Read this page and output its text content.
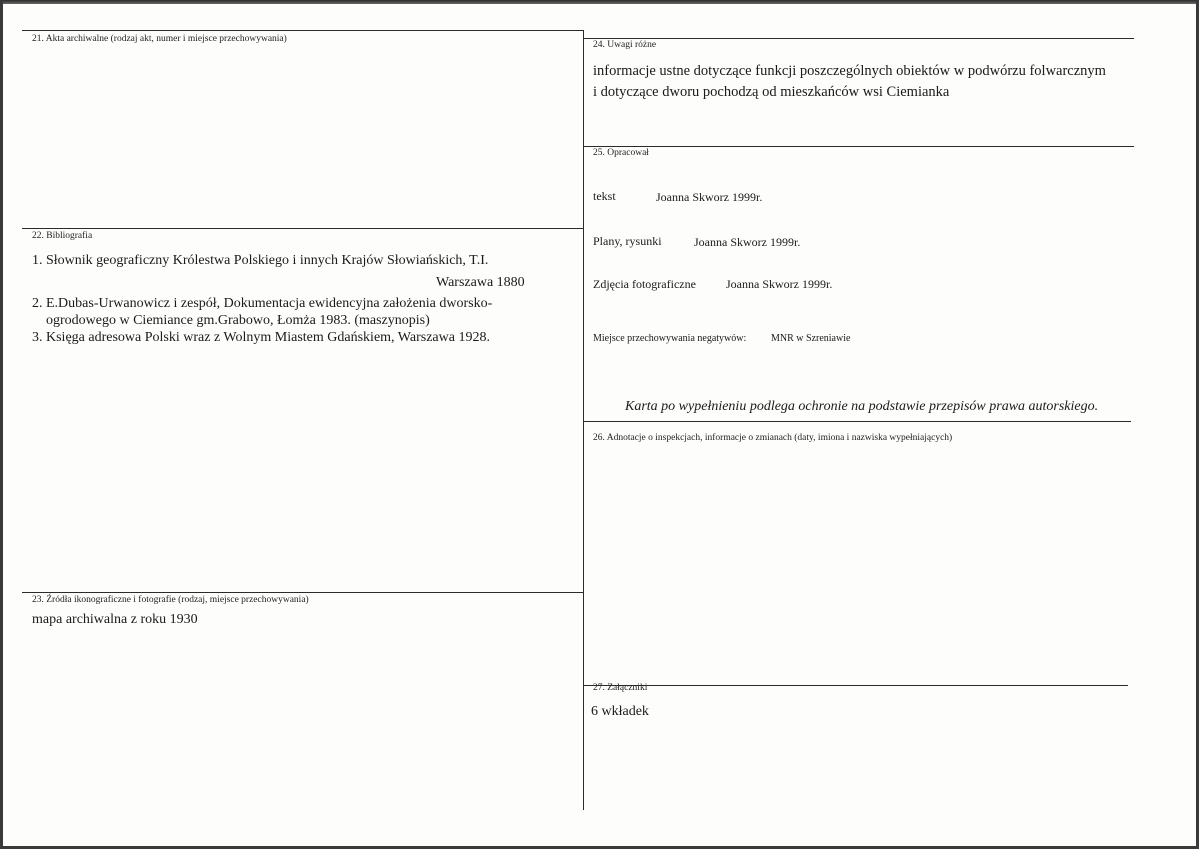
21. Akta archiwalne (rodzaj akt, numer i miejsce przechowywania)
22. Bibliografia
1. Słownik geograficzny Królestwa Polskiego i innych Krajów Słowiańskich, T.I.
Warszawa 1880
2. E.Dubas-Urwanowicz i zespół, Dokumentacja ewidencyjna założenia dworsko-
ogrodowego w Ciemiance gm.Grabowo, Łomża 1983. (maszynopis)
3. Księga adresowa Polski wraz z Wolnym Miastem Gdańskiem, Warszawa 1928.
23. Źródła ikonograficzne i fotografie (rodzaj, miejsce przechowywania)
mapa archiwalna z roku 1930
24. Uwagi różne
informacje ustne dotyczące funkcji poszczególnych obiektów w podwórzu folwarcznym
i dotyczące dworu pochodzą od mieszkańców wsi Ciemianka
25. Opracował
tekst	Joanna Skworz 1999r.
Plany, rysunki	Joanna Skworz 1999r.
Zdjęcia fotograficzne	Joanna Skworz 1999r.
Miejsce przechowywania negatywów: MNR w Szreniawie
Karta po wypełnieniu podlega ochronie na podstawie przepisów prawa autorskiego.
26. Adnotacje o inspekcjach, informacje o zmianach (daty, imiona i nazwiska wypełniających)
27. Załączniki
6 wkładek
